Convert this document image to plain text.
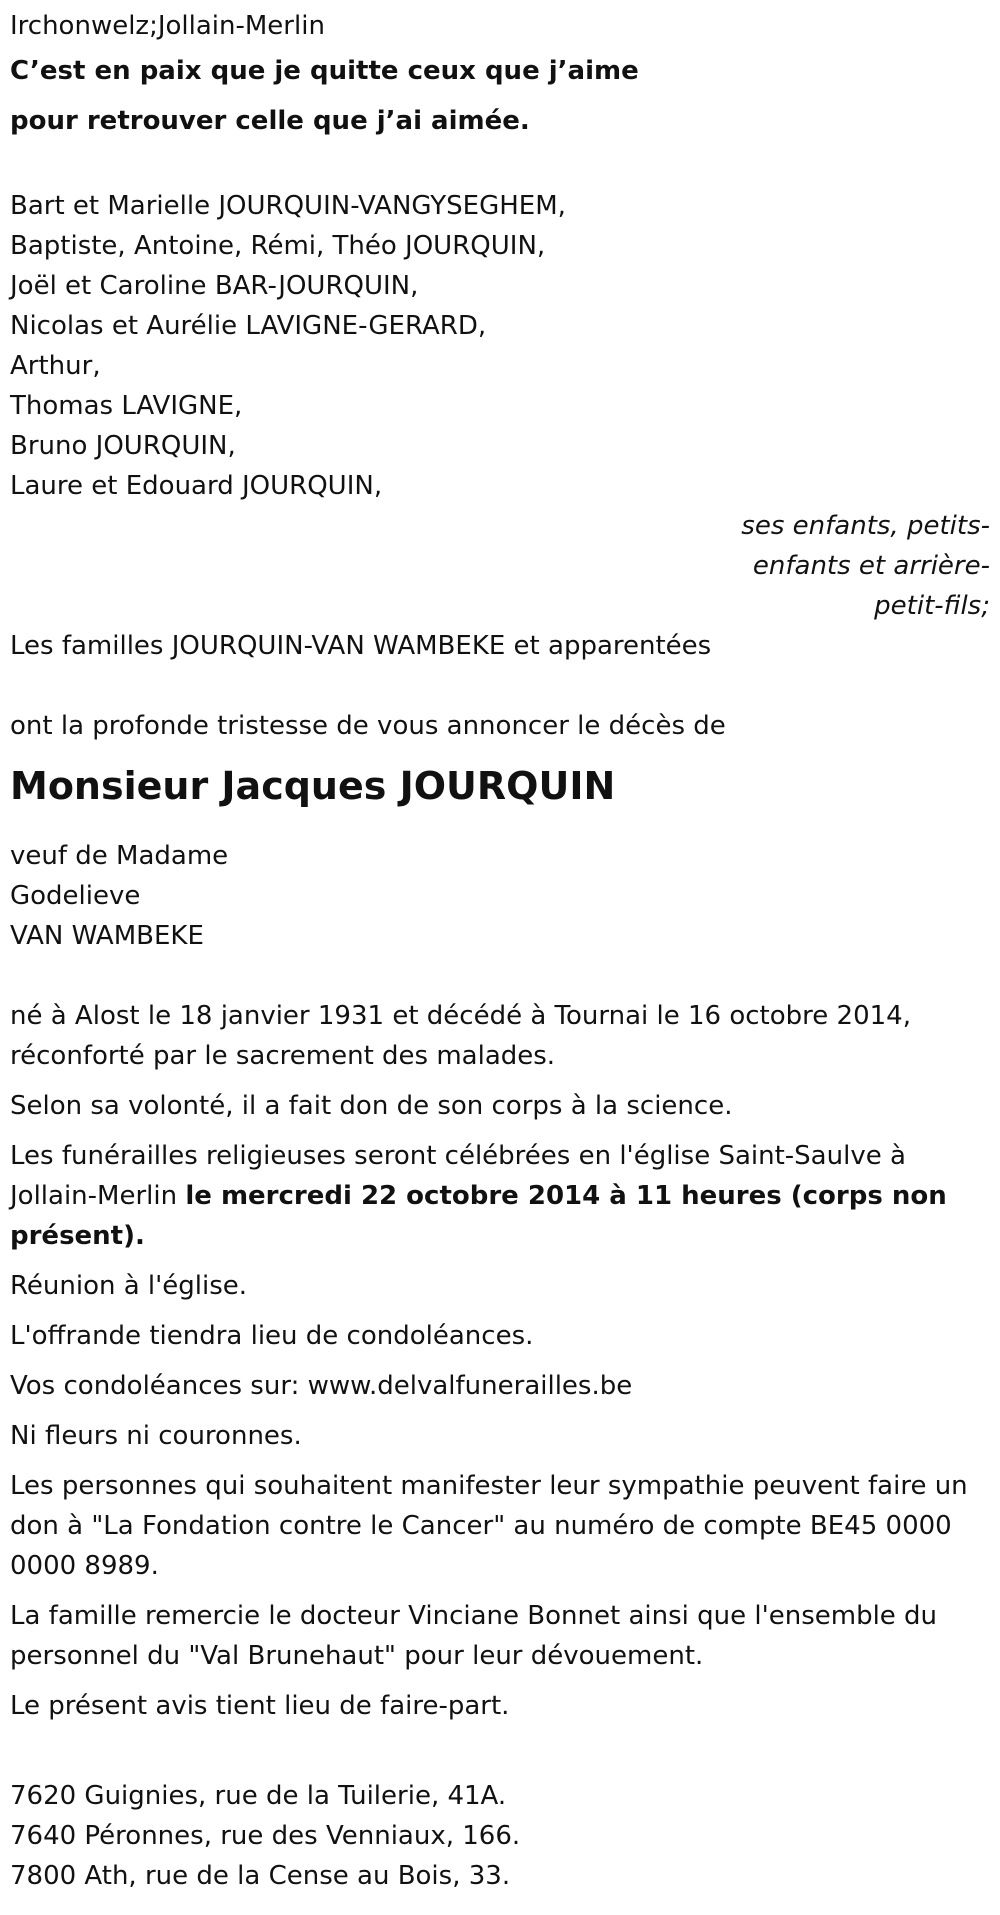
Irchonwelz;Jollain-Merlin

C’est en paix que je quitte ceux que j’aime

pour retrouver celle que j’ai aimée.

Bart et Marielle JOURQUIN-VANGYSEGHEM,

Baptiste, Antoine, Rémi, Théo JOURQUIN,

Joël et Caroline BAR-JOURQUIN,

Nicolas et Aurélie LAVIGNE-GERARD,

Arthur,

Thomas LAVIGNE,

Bruno JOURQUIN,

Laure et Edouard JOURQUIN,

ses enfants, petits-
enfants et arrière-
petit-fils;

Les familles JOURQUIN-VAN WAMBEKE et apparentées

ont la profonde tristesse de vous annoncer le décès de

Monsieur Jacques JOURQUIN

veuf de Madame

Godelieve

VAN WAMBEKE

né à Alost le 18 janvier 1931 et décédé à Tournai le 16 octobre 2014, réconforté par le sacrement des malades.

Selon sa volonté, il a fait don de son corps à la science.

Les funérailles religieuses seront célébrées en l'église Saint-Saulve à Jollain-Merlin le mercredi 22 octobre 2014 à 11 heures (corps non présent).

Réunion à l'église.

L'offrande tiendra lieu de condoléances.

Vos condoléances sur: www.delvalfunerailles.be

Ni fleurs ni couronnes.

Les personnes qui souhaitent manifester leur sympathie peuvent faire un don à "La Fondation contre le Cancer" au numéro de compte BE45 0000 0000 8989.

La famille remercie le docteur Vinciane Bonnet ainsi que l'ensemble du personnel du "Val Brunehaut" pour leur dévouement.

Le présent avis tient lieu de faire-part.

7620 Guignies, rue de la Tuilerie, 41A.

7640 Péronnes, rue des Venniaux, 166.

7800 Ath, rue de la Cense au Bois, 33.
